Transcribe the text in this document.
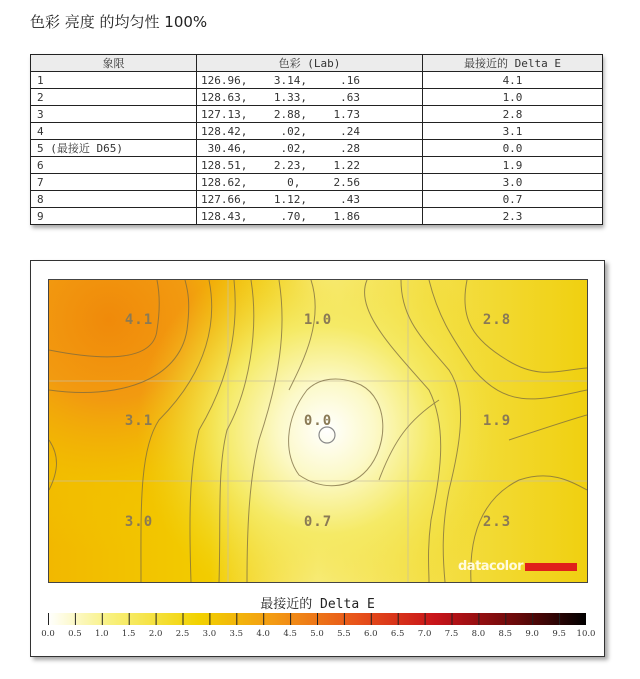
色彩 亮度 的均匀性 100%
象限	色彩 (Lab)	最接近的 Delta E
1	126.96,    3.14,     .16	4.1
2	128.63,    1.33,     .63	1.0
3	127.13,    2.88,    1.73	2.8
4	128.42,     .02,     .24	3.1
5 (最接近 D65)	30.46,     .02,     .28	0.0
6	128.51,    2.23,    1.22	1.9
7	128.62,      0,     2.56	3.0
8	127.66,    1.12,     .43	0.7
9	128.43,     .70,    1.86	2.3
4.1	1.0	2.8
3.1	0.0	1.9
3.0	0.7	2.3
datacolor
最接近的 Delta E
0.0 0.5 1.0 1.5 2.0 2.5 3.0 3.5 4.0 4.5 5.0 5.5 6.0 6.5 7.0 7.5 8.0 8.5 9.0 9.5 10.0
